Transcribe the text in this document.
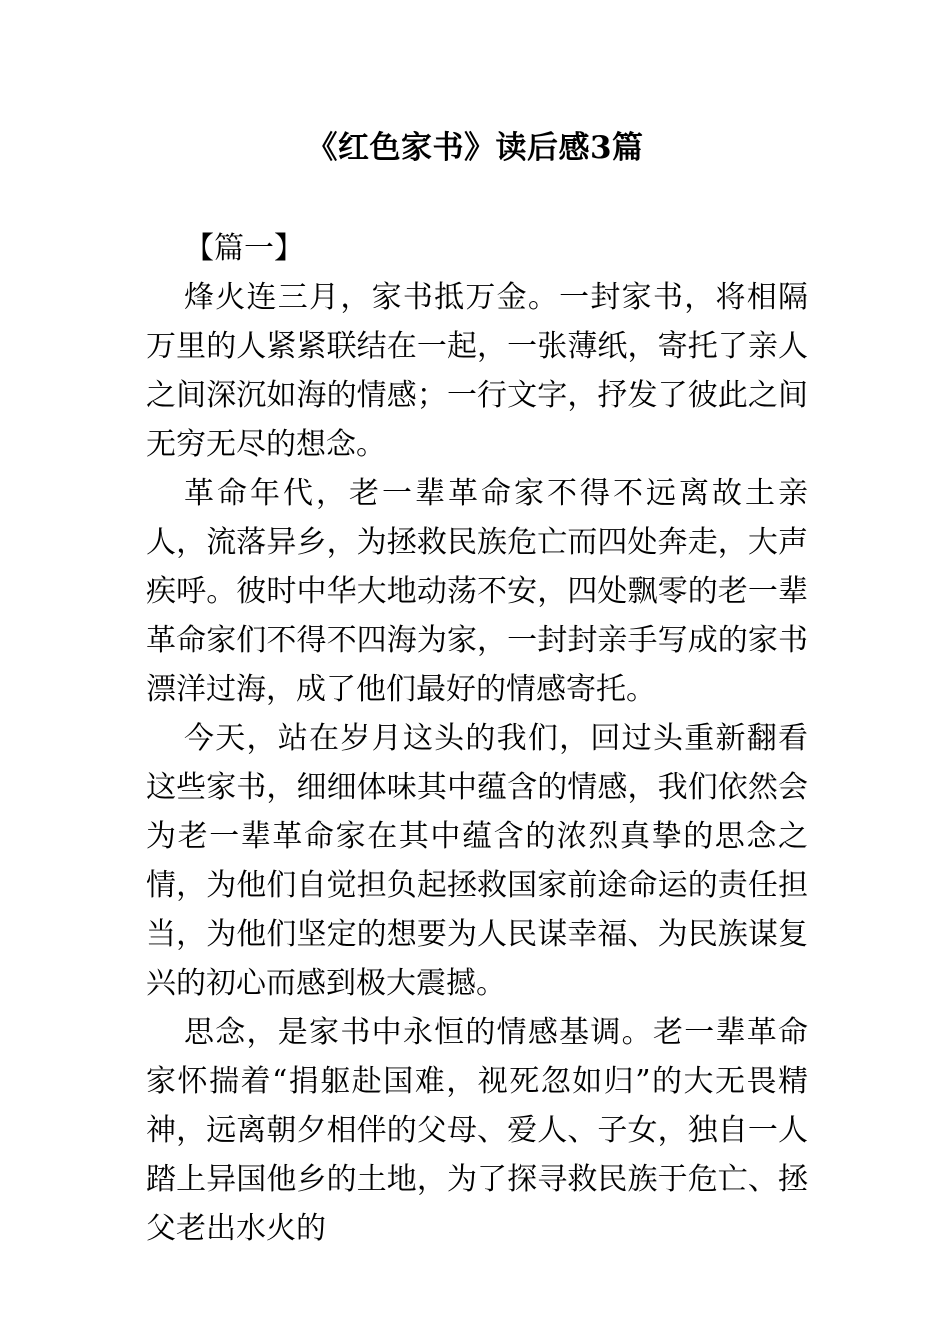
《红色家书》读后感3篇
【篇一】

烽火连三月，家书抵万金。一封家书，将相隔万里的人紧紧联结在一起，一张薄纸，寄托了亲人之间深沉如海的情感；一行文字，抒发了彼此之间无穷无尽的想念。

革命年代，老一辈革命家不得不远离故土亲人，流落异乡，为拯救民族危亡而四处奔走，大声疾呼。彼时中华大地动荡不安，四处飘零的老一辈革命家们不得不四海为家，一封封亲手写成的家书漂洋过海，成了他们最好的情感寄托。

今天，站在岁月这头的我们，回过头重新翻看这些家书，细细体味其中蕴含的情感，我们依然会为老一辈革命家在其中蕴含的浓烈真挚的思念之情，为他们自觉担负起拯救国家前途命运的责任担当，为他们坚定的想要为人民谋幸福、为民族谋复兴的初心而感到极大震撼。

思念，是家书中永恒的情感基调。老一辈革命家怀揣着“捐躯赴国难，视死忽如归”的大无畏精神，远离朝夕相伴的父母、爱人、子女，独自一人踏上异国他乡的土地，为了探寻救民族于危亡、拯父老出水火的
